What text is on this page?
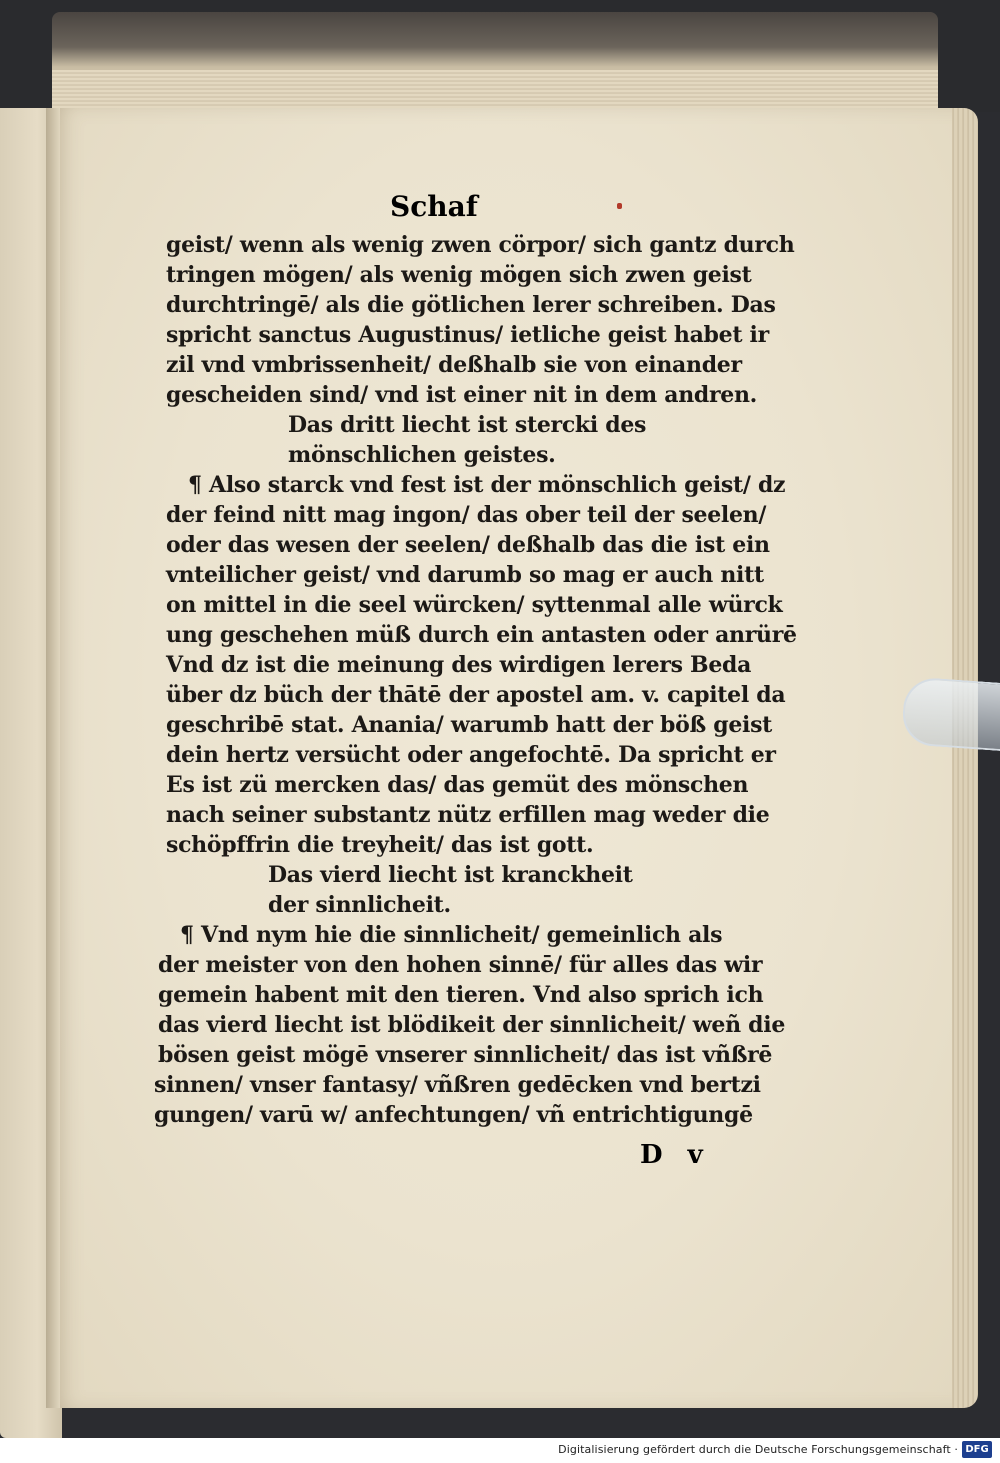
Schaf
geist/ wenn als wenig zwen cörpor/ sich gantz durch
tringen mögen/ als wenig mögen sich zwen geist
durchtringē/ als die götlichen lerer schreiben. Das
spricht sanctus Augustinus/ ietliche geist habet ir
zil vnd vmbrissenheit/ deßhalb sie von einander
gescheiden sind/ vnd ist einer nit in dem andren.
Das dritt liecht ist stercki des
mönschlichen geistes.
¶ Also starck vnd fest ist der mönschlich geist/ dz
der feind nitt mag ingon/ das ober teil der seelen/
oder das wesen der seelen/ deßhalb das die ist ein
vnteilicher geist/ vnd darumb so mag er auch nitt
on mittel in die seel würcken/ syttenmal alle würck
ung geschehen müß durch ein antasten oder anrürē
Vnd dz ist die meinung des wirdigen lerers Beda
über dz büch der thātē der apostel am. v. capitel da
geschribē stat. Anania/ warumb hatt der böß geist
dein hertz versücht oder angefochtē. Da spricht er
Es ist zü mercken das/ das gemüt des mönschen
nach seiner substantz nütz erfillen mag weder die
schöpffrin die treyheit/ das ist gott.
Das vierd liecht ist kranckheit
der sinnlicheit.
¶ Vnd nym hie die sinnlicheit/ gemeinlich als
der meister von den hohen sinnē/ für alles das wir
gemein habent mit den tieren. Vnd also sprich ich
das vierd liecht ist blödikeit der sinnlicheit/ weñ die
bösen geist mögē vnserer sinnlicheit/ das ist vñßrē
sinnen/ vnser fantasy/ vñßren gedēcken vnd bertzi
gungen/ varū w/ anfechtungen/ vñ entrichtigungē
D v
Digitalisierung gefördert durch die Deutsche Forschungsgemeinschaft · DFG
